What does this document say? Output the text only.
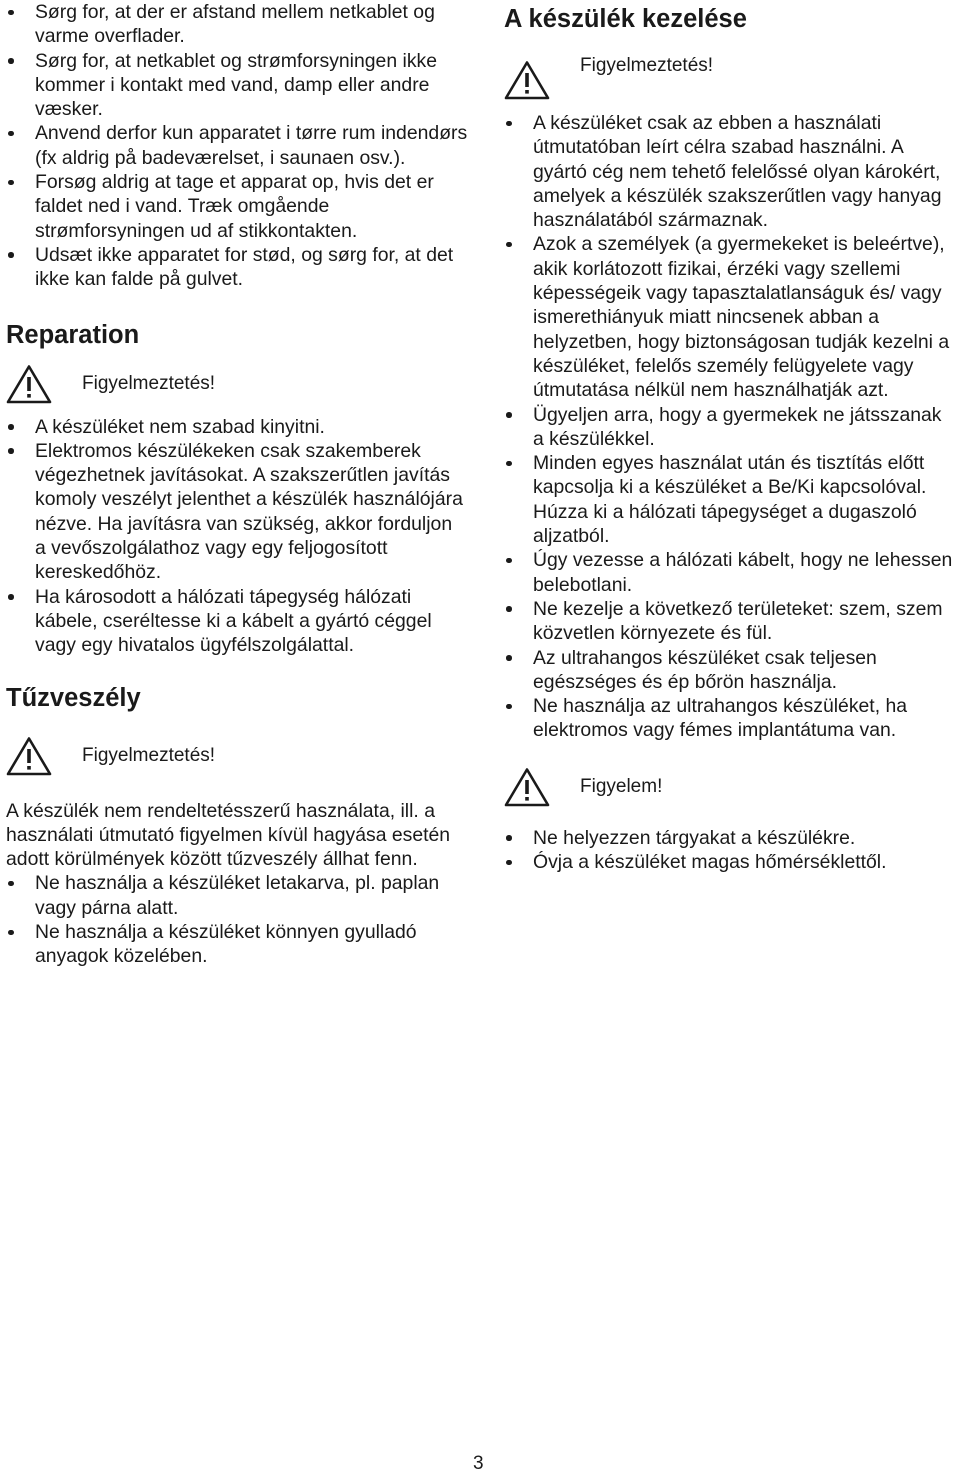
Sørg for, at der er afstand mellem netkablet og varme overflader.
Sørg for, at netkablet og strømforsyningen ikke kommer i kontakt med vand, damp eller andre væsker.
Anvend derfor kun apparatet i tørre rum indendørs (fx aldrig på badeværelset, i saunaen osv.).
Forsøg aldrig at tage et apparat op, hvis det er faldet ned i vand. Træk omgående strømforsyningen ud af stikkontakten.
Udsæt ikke apparatet for stød, og sørg for, at det ikke kan falde på gulvet.
Reparation
Figyelmeztetés!
A készüléket nem szabad kinyitni.
Elektromos készülékeken csak szakemberek végezhetnek javításokat. A szakszerűtlen javítás komoly veszélyt jelenthet a készülék használójára nézve. Ha javításra van szükség, akkor forduljon a vevőszolgálathoz vagy egy feljogosított kereskedőhöz.
Ha károsodott a hálózati tápegység hálózati kábele, cseréltesse ki a kábelt a gyártó céggel vagy egy hivatalos ügyfélszolgálattal.
Tűzveszély
Figyelmeztetés!

A készülék nem rendeltetésszerű használata, ill. a használati útmutató figyelmen kívül hagyása esetén adott körülmények között tűzveszély állhat fenn.

Ne használja a készüléket letakarva, pl. paplan vagy párna alatt.
Ne használja a készüléket könnyen gyulladó anyagok közelében.
A készülék kezelése
Figyelmeztetés!
A készüléket csak az ebben a használati útmutatóban leírt célra szabad használni. A gyártó cég nem tehető felelőssé olyan károkért, amelyek a készülék szakszerűtlen vagy hanyag használatából származnak.
Azok a személyek (a gyermekeket is beleértve), akik korlátozott fizikai, érzéki vagy szellemi képességeik vagy tapasztalatlanságuk és/ vagy ismerethiányuk miatt nincsenek abban a helyzetben, hogy biztonságosan tudják kezelni a készüléket, felelős személy felügyelete vagy útmutatása nélkül nem használhatják azt.
Ügyeljen arra, hogy a gyermekek ne játsszanak a készülékkel.
Minden egyes használat után és tisztítás előtt kapcsolja ki a készüléket a Be/Ki kapcsolóval. Húzza ki a hálózati tápegységet a dugaszoló aljzatból.
Úgy vezesse a hálózati kábelt, hogy ne lehessen belebotlani.
Ne kezelje a következő területeket: szem, szem közvetlen környezete és fül.
Az ultrahangos készüléket csak teljesen egészséges és ép bőrön használja.
Ne használja az ultrahangos készüléket, ha elektromos vagy fémes implantátuma van.
Figyelem!
Ne helyezzen tárgyakat a készülékre.
Óvja a készüléket magas hőmérséklettől.
3
